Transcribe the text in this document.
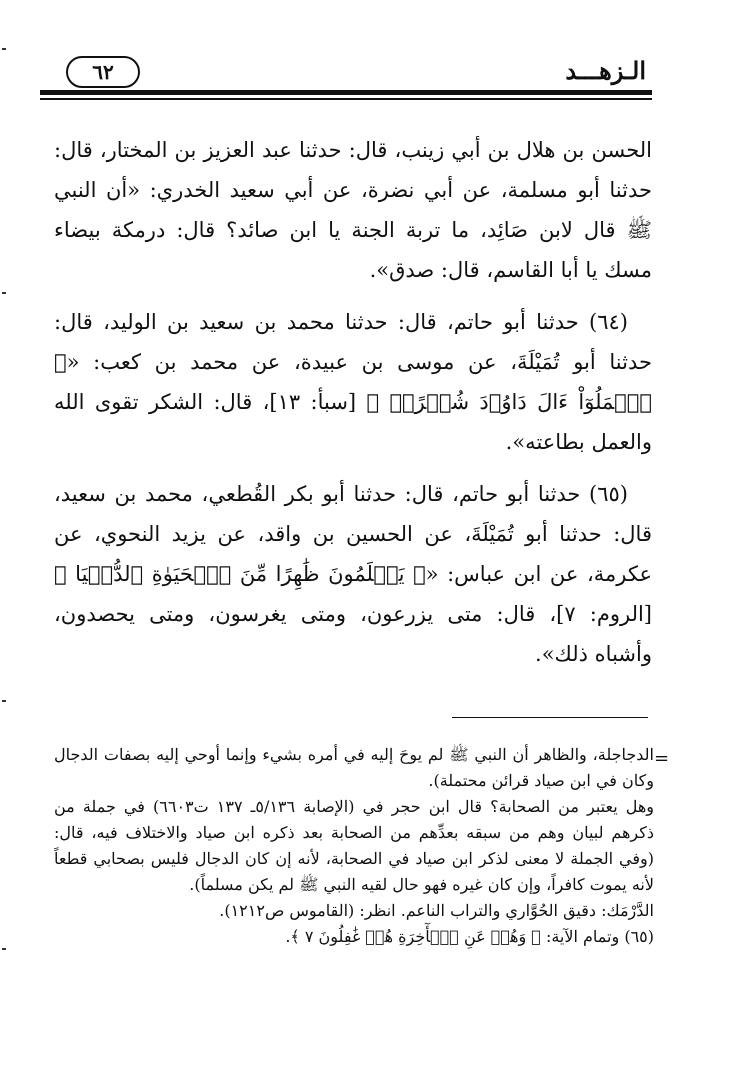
٦٢	الـزهـــد

الحسن بن هلال بن أبي زينب، قال: حدثنا عبد العزيز بن المختار، قال: حدثنا أبو مسلمة، عن أبي نضرة، عن أبي سعيد الخدري: «أن النبي ﷺ قال لابن صَائِد، ما تربة الجنة يا ابن صائد؟ قال: درمكة بيضاء مسك يا أبا القاسم، قال: صدق».

(٦٤) حدثنا أبو حاتم، قال: حدثنا محمد بن سعيد بن الوليد، قال: حدثنا أبو تُمَيْلَةَ، عن موسى بن عبيدة، عن محمد بن كعب: «﴿ ٱعۡمَلُوٓاْ ءَالَ دَاوُۥدَ شُكۡرًاۚ ﴾ [سبأ: ١٣]، قال: الشكر تقوى الله والعمل بطاعته».

(٦٥) حدثنا أبو حاتم، قال: حدثنا أبو بكر القُطعي، محمد بن سعيد، قال: حدثنا أبو تُمَيْلَةَ، عن الحسين بن واقد، عن يزيد النحوي، عن عكرمة، عن ابن عباس: «﴿ يَعۡلَمُونَ ظَٰهِرًا مِّنَ ٱلۡحَيَوٰةِ ٱلدُّنۡيَا ﴾ [الروم: ٧]، قال: متى يزرعون، ومتى يغرسون، ومتى يحصدون، وأشباه ذلك».

=

الدجاجلة، والظاهر أن النبي ﷺ لم يوحَ إليه في أمره بشيء وإنما أوحي إليه بصفات الدجال وكان في ابن صياد قرائن محتملة).

وهل يعتبر من الصحابة؟ قال ابن حجر في (الإصابة ٥/١٣٦ـ ١٣٧ ت٦٦٠٣) في جملة من ذكرهم لبيان وهم من سبقه بعدِّهم من الصحابة بعد ذكره ابن صياد والاختلاف فيه، قال: (وفي الجملة لا معنى لذكر ابن صياد في الصحابة، لأنه إن كان الدجال فليس بصحابي قطعاً لأنه يموت كافراً، وإن كان غيره فهو حال لقيه النبي ﷺ لم يكن مسلماً).

الدَّرْمَك: دقيق الحُوَّاري والتراب الناعم. انظر: (القاموس ص١٢١٢).

(٦٥) وتمام الآية: ﴿ وَهُمۡ عَنِ ٱلۡأٓخِرَةِ هُمۡ غَٰفِلُونَ ٧ ﴾.
